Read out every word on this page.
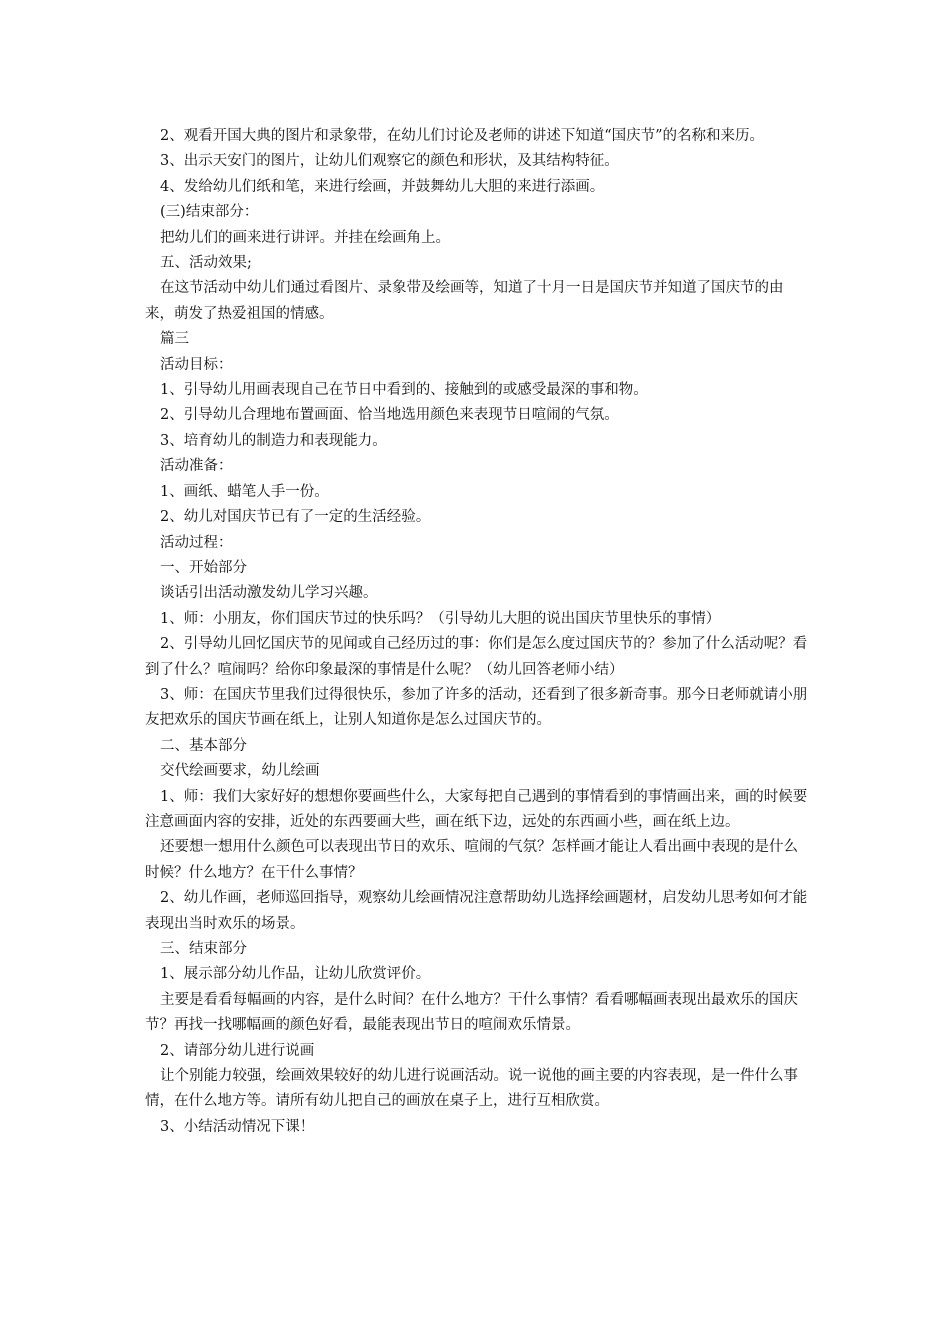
2、观看开国大典的图片和录象带，在幼儿们讨论及老师的讲述下知道“国庆节”的名称和来历。

3、出示天安门的图片，让幼儿们观察它的颜色和形状，及其结构特征。

4、发给幼儿们纸和笔，来进行绘画，并鼓舞幼儿大胆的来进行添画。

(三)结束部分：

把幼儿们的画来进行讲评。并挂在绘画角上。

五、活动效果;

在这节活动中幼儿们通过看图片、录象带及绘画等，知道了十月一日是国庆节并知道了国庆节的由来，萌发了热爱祖国的情感。

篇三

活动目标：

1、引导幼儿用画表现自己在节日中看到的、接触到的或感受最深的事和物。

2、引导幼儿合理地布置画面、恰当地选用颜色来表现节日喧闹的气氛。

3、培育幼儿的制造力和表现能力。

活动准备：

1、画纸、蜡笔人手一份。

2、幼儿对国庆节已有了一定的生活经验。

活动过程：

一、开始部分

谈话引出活动激发幼儿学习兴趣。

1、师：小朋友，你们国庆节过的快乐吗？（引导幼儿大胆的说出国庆节里快乐的事情）

2、引导幼儿回忆国庆节的见闻或自己经历过的事：你们是怎么度过国庆节的？参加了什么活动呢？看到了什么？喧闹吗？给你印象最深的事情是什么呢？（幼儿回答老师小结）

3、师：在国庆节里我们过得很快乐，参加了许多的活动，还看到了很多新奇事。那今日老师就请小朋友把欢乐的国庆节画在纸上，让别人知道你是怎么过国庆节的。

二、基本部分

交代绘画要求，幼儿绘画

1、师：我们大家好好的想想你要画些什么，大家每把自己遇到的事情看到的事情画出来，画的时候要注意画面内容的安排，近处的东西要画大些，画在纸下边，远处的东西画小些，画在纸上边。

还要想一想用什么颜色可以表现出节日的欢乐、喧闹的气氛？怎样画才能让人看出画中表现的是什么时候？什么地方？在干什么事情？

2、幼儿作画，老师巡回指导，观察幼儿绘画情况注意帮助幼儿选择绘画题材，启发幼儿思考如何才能表现出当时欢乐的场景。

三、结束部分

1、展示部分幼儿作品，让幼儿欣赏评价。

主要是看看每幅画的内容，是什么时间？在什么地方？干什么事情？看看哪幅画表现出最欢乐的国庆节？再找一找哪幅画的颜色好看，最能表现出节日的喧闹欢乐情景。

2、请部分幼儿进行说画

让个别能力较强，绘画效果较好的幼儿进行说画活动。说一说他的画主要的内容表现，是一件什么事情，在什么地方等。请所有幼儿把自己的画放在桌子上，进行互相欣赏。

3、小结活动情况下课！
